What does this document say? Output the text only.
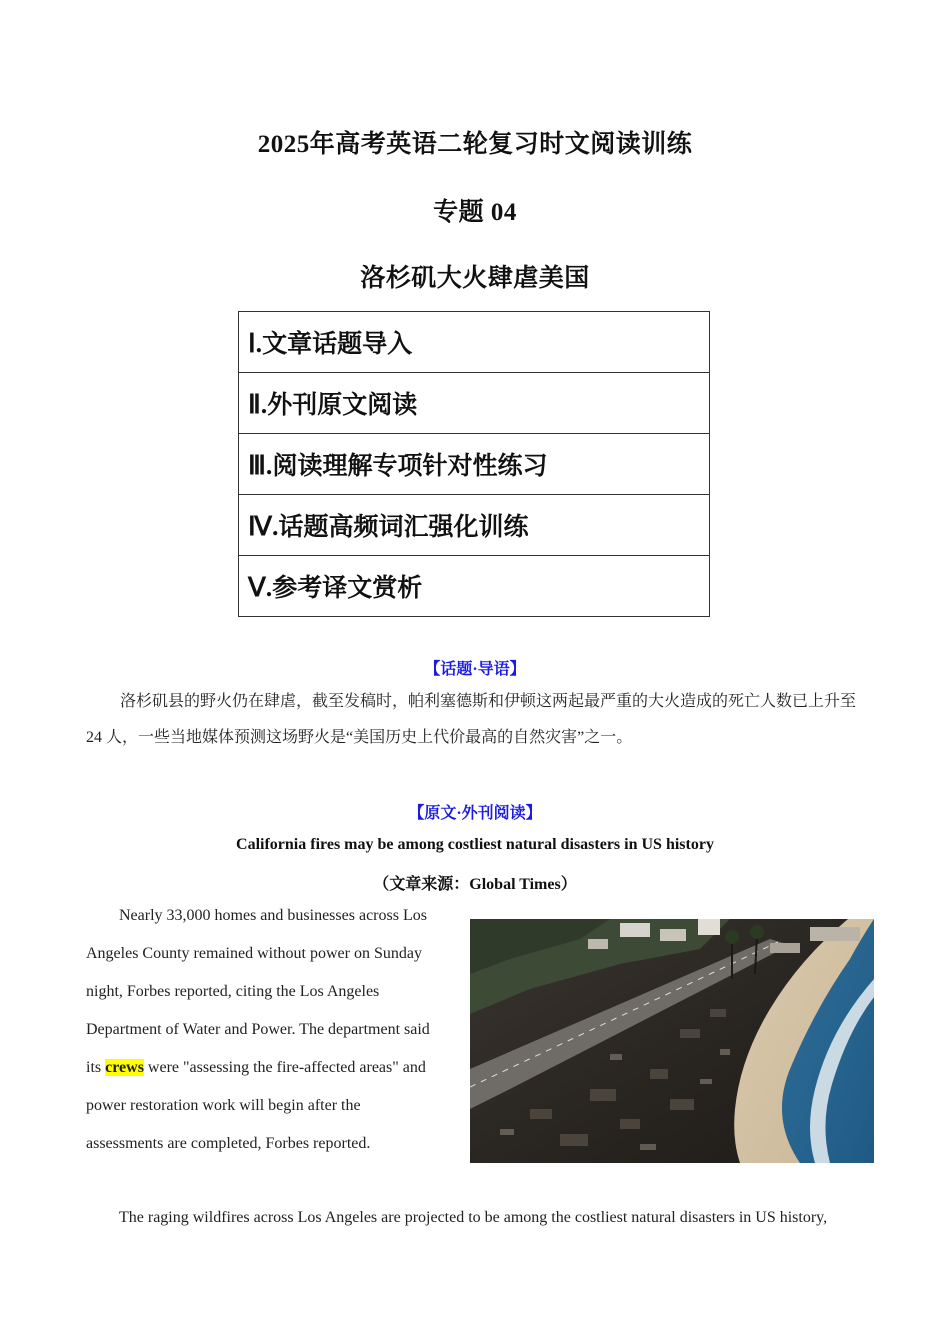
2025年高考英语二轮复习时文阅读训练
专题 04
洛杉矶大火肆虐美国
Ⅰ.文章话题导入
Ⅱ.外刊原文阅读
Ⅲ.阅读理解专项针对性练习
Ⅳ.话题高频词汇强化训练
Ⅴ.参考译文赏析
【话题·导语】
洛杉矶县的野火仍在肆虐，截至发稿时，帕利塞德斯和伊顿这两起最严重的大火造成的死亡人数已上升至 24 人，一些当地媒体预测这场野火是“美国历史上代价最高的自然灾害”之一。
【原文·外刊阅读】
California fires may be among costliest natural disasters in US history
（文章来源：Global Times）
Nearly 33,000 homes and businesses across Los Angeles County remained without power on Sunday night, Forbes reported, citing the Los Angeles Department of Water and Power. The department said its crews were "assessing the fire-affected areas" and power restoration work will begin after the assessments are completed, Forbes reported.
The raging wildfires across Los Angeles are projected to be among the costliest natural disasters in US history,
